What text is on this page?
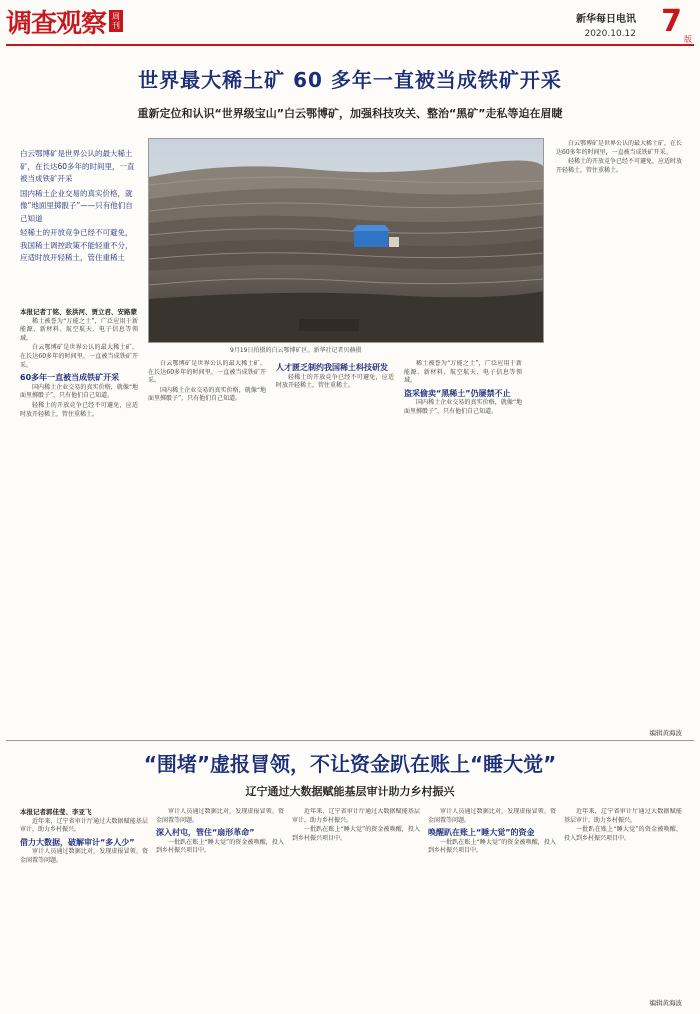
调查观察 周刊
新华每日电讯
2020.10.12 7
版
世界最大稀土矿 60 多年一直被当成铁矿开采
重新定位和认识“世界级宝山”白云鄂博矿，加强科技攻关、整治“黑矿”走私等迫在眉睫

白云鄂博矿是世界公认的最大稀土矿，在长达60多年的时间里，一直被当成铁矿开采

国内稀土企业交易的真实价格，就像“地面里掷骰子”——只有他们自己知道

轻稀土的开放竞争已经不可避免，我国稀土调控政策不能轻重不分，应适时放开轻稀土，管住重稀土

9月19日拍摄的白云鄂博矿区。新华社记者贝赫摄

本报记者丁铭、张洪河、贾立君、安路蒙

稀土被誉为“万能之土”，广泛应用于新能源、新材料、航空航天、电子信息等领域。

白云鄂博矿是世界公认的最大稀土矿，在长达60多年的时间里，一直被当成铁矿开采。

60多年一直被当成铁矿开采

国内稀土企业交易的真实价格，就像“地面里掷骰子”，只有他们自己知道。

轻稀土的开放竞争已经不可避免，应适时放开轻稀土，管住重稀土。

白云鄂博矿是世界公认的最大稀土矿，在长达60多年的时间里，一直被当成铁矿开采。

国内稀土企业交易的真实价格，就像“地面里掷骰子”，只有他们自己知道。

人才匮乏制约我国稀土科技研发

轻稀土的开放竞争已经不可避免，应适时放开轻稀土，管住重稀土。

稀土被誉为“万能之土”，广泛应用于新能源、新材料、航空航天、电子信息等领域。

盗采偷卖“黑稀土”仍屡禁不止

国内稀土企业交易的真实价格，就像“地面里掷骰子”，只有他们自己知道。

白云鄂博矿是世界公认的最大稀土矿，在长达60多年的时间里，一直被当成铁矿开采。

轻稀土的开放竞争已经不可避免，应适时放开轻稀土，管住重稀土。

编辑黄海波
“围堵”虚报冒领，不让资金趴在账上“睡大觉”
辽宁通过大数据赋能基层审计助力乡村振兴

本报记者郭佳莹、李亚飞

近年来，辽宁省审计厅通过大数据赋能基层审计，助力乡村振兴。

借力大数据，破解审计“多人少”

审计人员通过数据比对，发现虚报冒领、资金闲置等问题。

审计人员通过数据比对，发现虚报冒领、资金闲置等问题。

深入村屯，管住“扇形革命”

一批趴在账上“睡大觉”的资金被唤醒，投入到乡村振兴项目中。

近年来，辽宁省审计厅通过大数据赋能基层审计，助力乡村振兴。

一批趴在账上“睡大觉”的资金被唤醒，投入到乡村振兴项目中。

审计人员通过数据比对，发现虚报冒领、资金闲置等问题。

唤醒趴在账上“睡大觉”的资金

一批趴在账上“睡大觉”的资金被唤醒，投入到乡村振兴项目中。

近年来，辽宁省审计厅通过大数据赋能基层审计，助力乡村振兴。

一批趴在账上“睡大觉”的资金被唤醒，投入到乡村振兴项目中。

编辑黄海波
